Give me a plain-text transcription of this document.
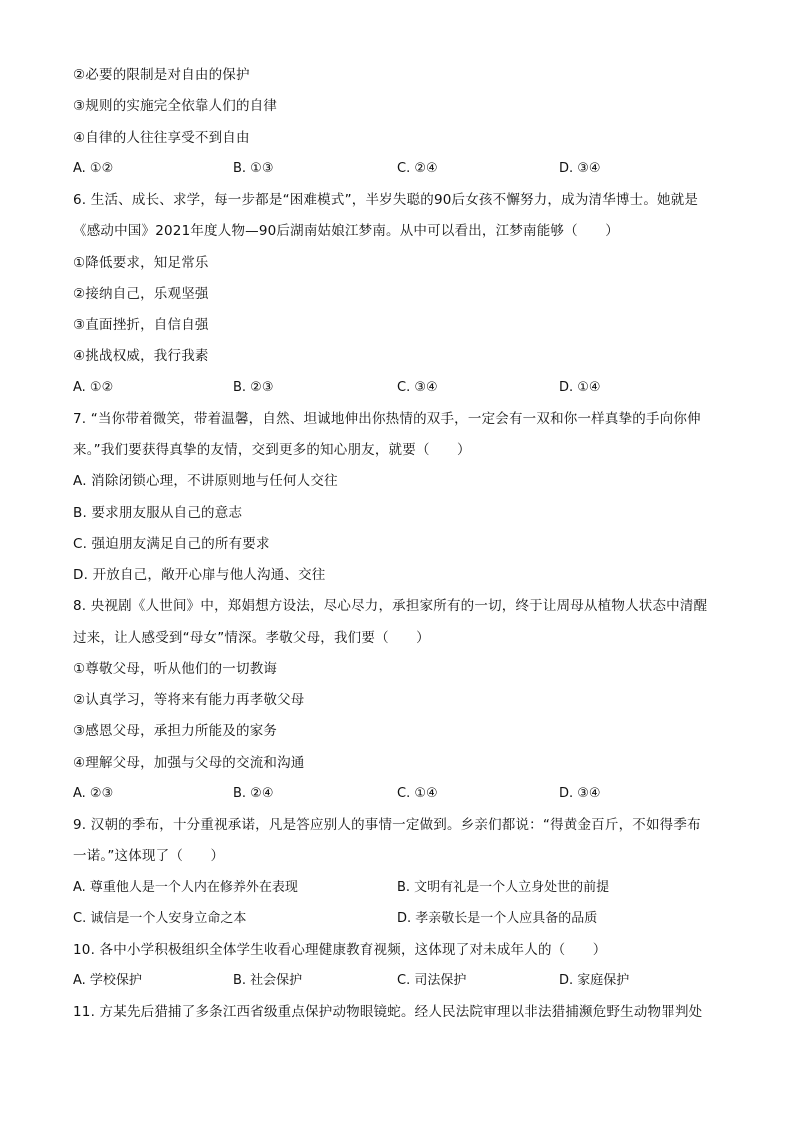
②必要的限制是对自由的保护
③规则的实施完全依靠人们的自律
④自律的人往往享受不到自由
A. ①②	B. ①③	C. ②④	D. ③④
6. 生活、成长、求学，每一步都是“困难模式”，半岁失聪的90后女孩不懈努力，成为清华博士。她就是
《感动中国》2021年度人物—90后湖南姑娘江梦南。从中可以看出，江梦南能够（　　）
①降低要求，知足常乐
②接纳自己，乐观坚强
③直面挫折，自信自强
④挑战权威，我行我素
A. ①②	B. ②③	C. ③④	D. ①④
7. “当你带着微笑，带着温馨，自然、坦诚地伸出你热情的双手，一定会有一双和你一样真挚的手向你伸
来。”我们要获得真挚的友情，交到更多的知心朋友，就要（　　）
A. 消除闭锁心理，不讲原则地与任何人交往
B. 要求朋友服从自己的意志
C. 强迫朋友满足自己的所有要求
D. 开放自己，敞开心扉与他人沟通、交往
8. 央视剧《人世间》中，郑娟想方设法，尽心尽力，承担家所有的一切，终于让周母从植物人状态中清醒
过来，让人感受到“母女”情深。孝敬父母，我们要（　　）
①尊敬父母，听从他们的一切教诲
②认真学习，等将来有能力再孝敬父母
③感恩父母，承担力所能及的家务
④理解父母，加强与父母的交流和沟通
A. ②③	B. ②④	C. ①④	D. ③④
9. 汉朝的季布，十分重视承诺，凡是答应别人的事情一定做到。乡亲们都说：“得黄金百斤，不如得季布
一诺。”这体现了（　　）
A. 尊重他人是一个人内在修养外在表现	B. 文明有礼是一个人立身处世的前提
C. 诚信是一个人安身立命之本	D. 孝亲敬长是一个人应具备的品质
10. 各中小学积极组织全体学生收看心理健康教育视频，这体现了对未成年人的（　　）
A. 学校保护	B. 社会保护	C. 司法保护	D. 家庭保护
11. 方某先后猎捕了多条江西省级重点保护动物眼镜蛇。经人民法院审理以非法猎捕濒危野生动物罪判处
